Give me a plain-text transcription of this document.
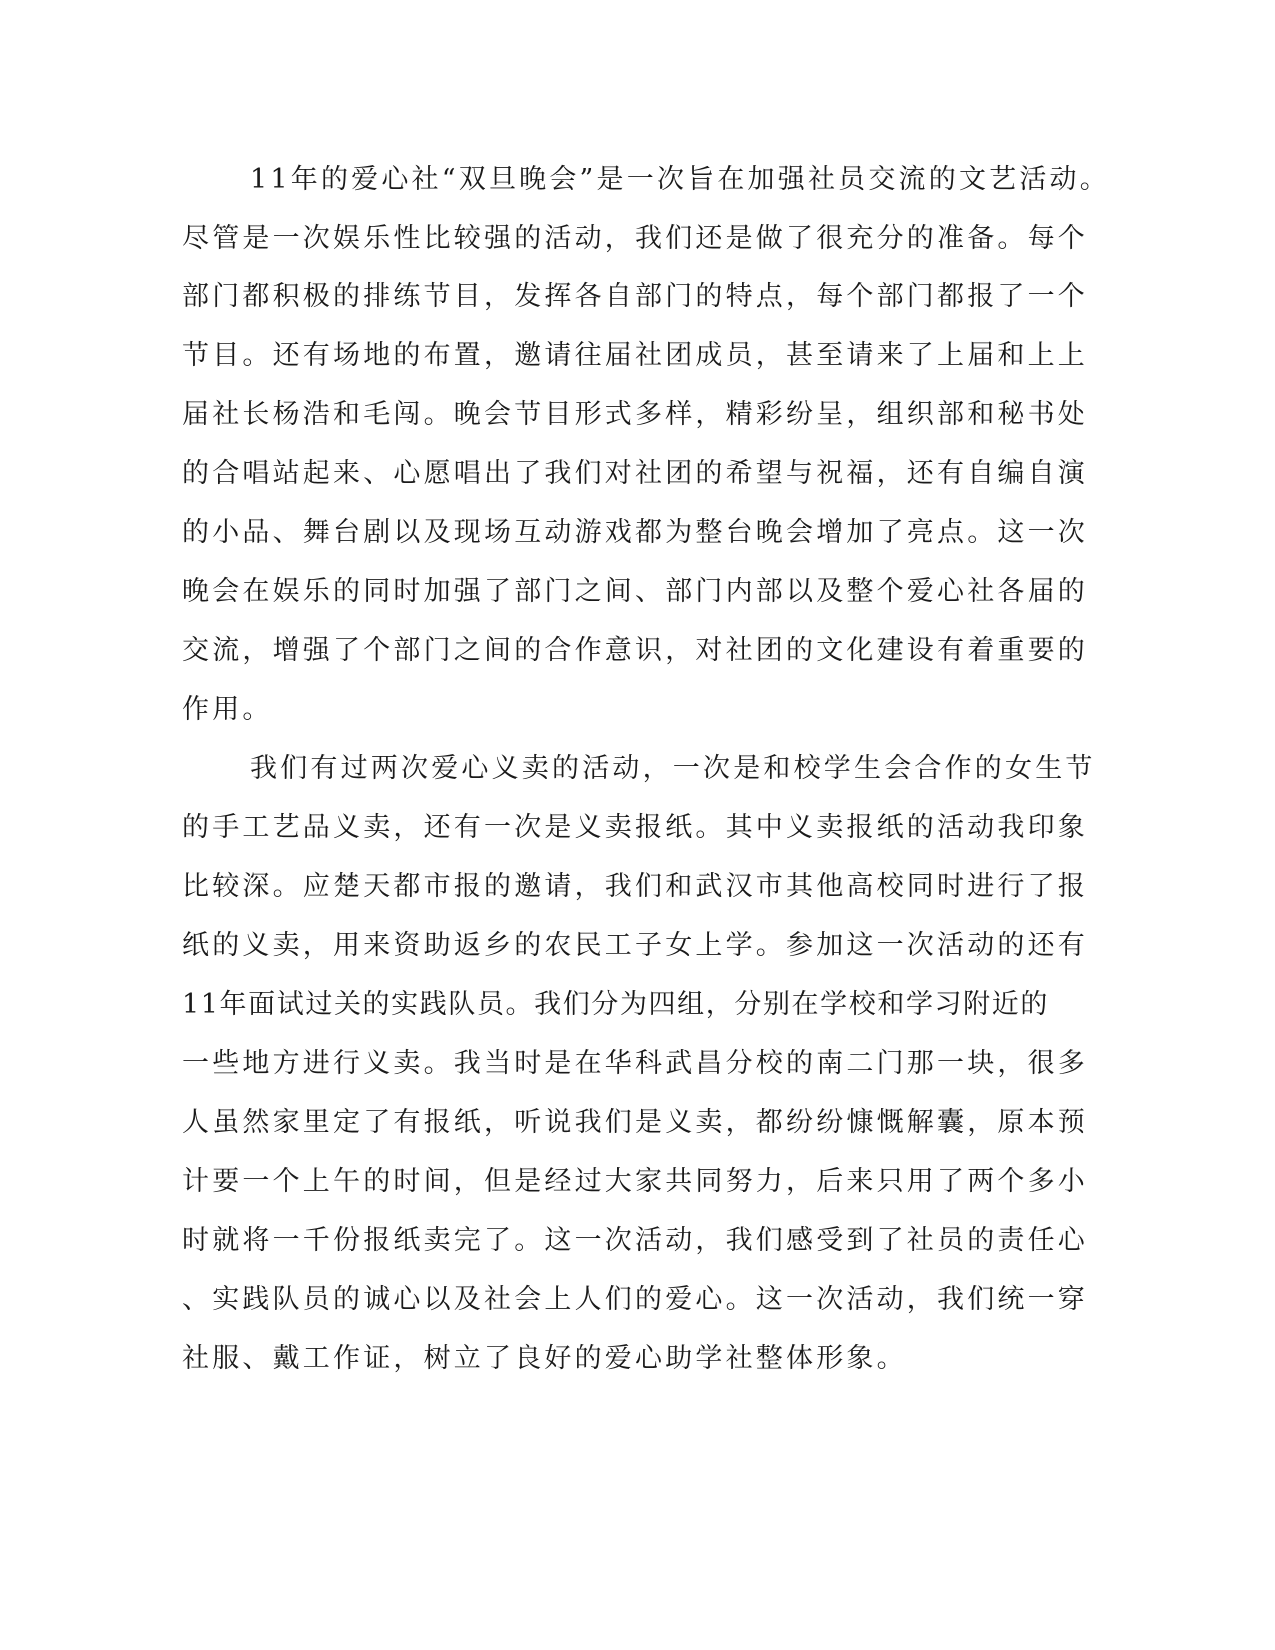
11年的爱心社“双旦晚会”是一次旨在加强社员交流的文艺活动。
尽管是一次娱乐性比较强的活动，我们还是做了很充分的准备。每个
部门都积极的排练节目，发挥各自部门的特点，每个部门都报了一个
节目。还有场地的布置，邀请往届社团成员，甚至请来了上届和上上
届社长杨浩和毛闯。晚会节目形式多样，精彩纷呈，组织部和秘书处
的合唱站起来、心愿唱出了我们对社团的希望与祝福，还有自编自演
的小品、舞台剧以及现场互动游戏都为整台晚会增加了亮点。这一次
晚会在娱乐的同时加强了部门之间、部门内部以及整个爱心社各届的
交流，增强了个部门之间的合作意识，对社团的文化建设有着重要的
作用。
我们有过两次爱心义卖的活动，一次是和校学生会合作的女生节
的手工艺品义卖，还有一次是义卖报纸。其中义卖报纸的活动我印象
比较深。应楚天都市报的邀请，我们和武汉市其他高校同时进行了报
纸的义卖，用来资助返乡的农民工子女上学。参加这一次活动的还有
11年面试过关的实践队员。我们分为四组，分别在学校和学习附近的
一些地方进行义卖。我当时是在华科武昌分校的南二门那一块，很多
人虽然家里定了有报纸，听说我们是义卖，都纷纷慷慨解囊，原本预
计要一个上午的时间，但是经过大家共同努力，后来只用了两个多小
时就将一千份报纸卖完了。这一次活动，我们感受到了社员的责任心
、实践队员的诚心以及社会上人们的爱心。这一次活动，我们统一穿
社服、戴工作证，树立了良好的爱心助学社整体形象。
